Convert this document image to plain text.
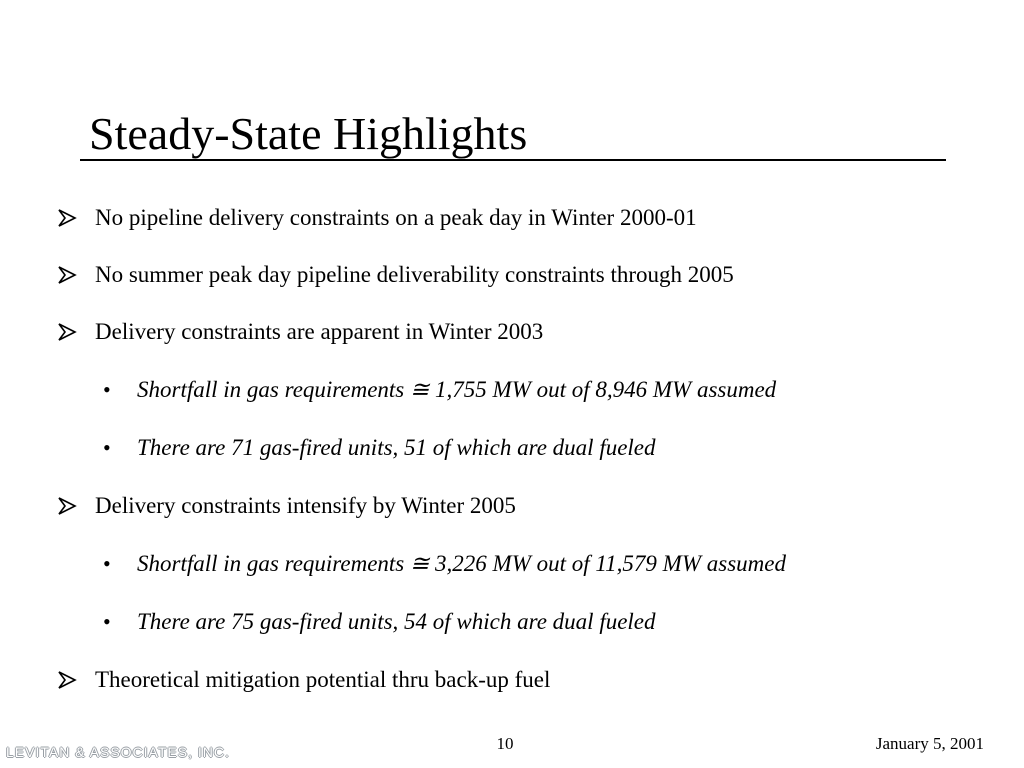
Steady-State Highlights
No pipeline delivery constraints on a peak day in Winter 2000-01
No summer peak day pipeline deliverability constraints through 2005
Delivery constraints are apparent in Winter 2003
• Shortfall in gas requirements ≅ 1,755 MW out of 8,946 MW assumed
• There are 71 gas-fired units, 51 of which are dual fueled
Delivery constraints intensify by Winter 2005
• Shortfall in gas requirements ≅ 3,226 MW out of 11,579 MW assumed
• There are 75 gas-fired units, 54 of which are dual fueled
Theoretical mitigation potential thru back-up fuel
LEVITAN & ASSOCIATES, INC.	10	January 5, 2001
